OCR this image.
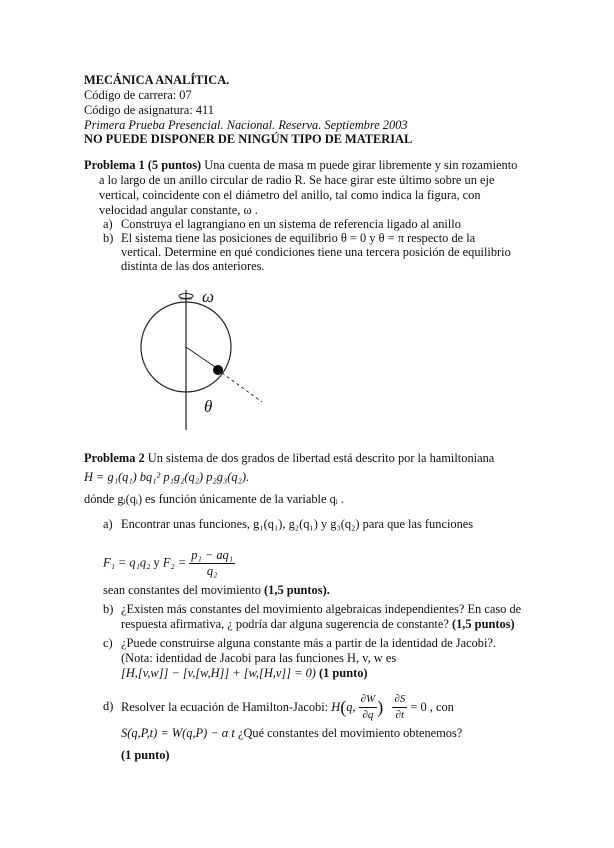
MECÁNICA ANALÍTICA.
Código de carrera: 07
Código de asignatura: 411
Primera Prueba Presencial. Nacional. Reserva. Septiembre 2003
NO PUEDE DISPONER DE NINGÚN TIPO DE MATERIAL
Problema 1 (5 puntos) Una cuenta de masa m puede girar libremente y sin rozamiento
a lo largo de un anillo circular de radio R. Se hace girar este último sobre un eje
vertical, coincidente con el diámetro del anillo, tal como indica la figura, con
velocidad angular constante, ω .
a) Construya el lagrangiano en un sistema de referencia ligado al anillo
b) El sistema tiene las posiciones de equilibrio θ = 0 y θ = π respecto de la
vertical. Determine en qué condiciones tiene una tercera posición de equilibrio
distinta de las dos anteriores.
ω
θ
Problema 2 Un sistema de dos grados de libertad está descrito por la hamiltoniana
H = g₁(q₁) bq₁² p₁g₂(q₂) p₂g₃(q₂).
dónde gᵢ(qᵢ) es función únicamente de la variable qᵢ .
a) Encontrar unas funciones, g₁(q₁), g₂(q₁) y g₃(q₂) para que las funciones
F₁ = q₁q₂ y $F_2 = \frac{\text{p₁ − aq₁}}{\text{q₂}}$
sean constantes del movimiento (1,5 puntos).
b) ¿Existen más constantes del movimiento algebraicas independientes? En caso de
respuesta afirmativa, ¿ podría dar alguna sugerencia de constante? (1,5 puntos)
c) ¿Puede construirse alguna constante más a partir de la identidad de Jacobi?.
(Nota: identidad de Jacobi para las funciones H, v, w es
[H,[v,w]] − [v,[w,H]] + [w,[H,v]] = 0) (1 punto)
d) Resolver la ecuación de Hamilton-Jacobi: H(q, $\frac{\partial W}{\partial q}$ ) $\frac{\partial S}{\partial t} = 0$ , con
S(q,P,t) = W(q,P) − α t ¿Qué constantes del movimiento obtenemos?
(1 punto)
